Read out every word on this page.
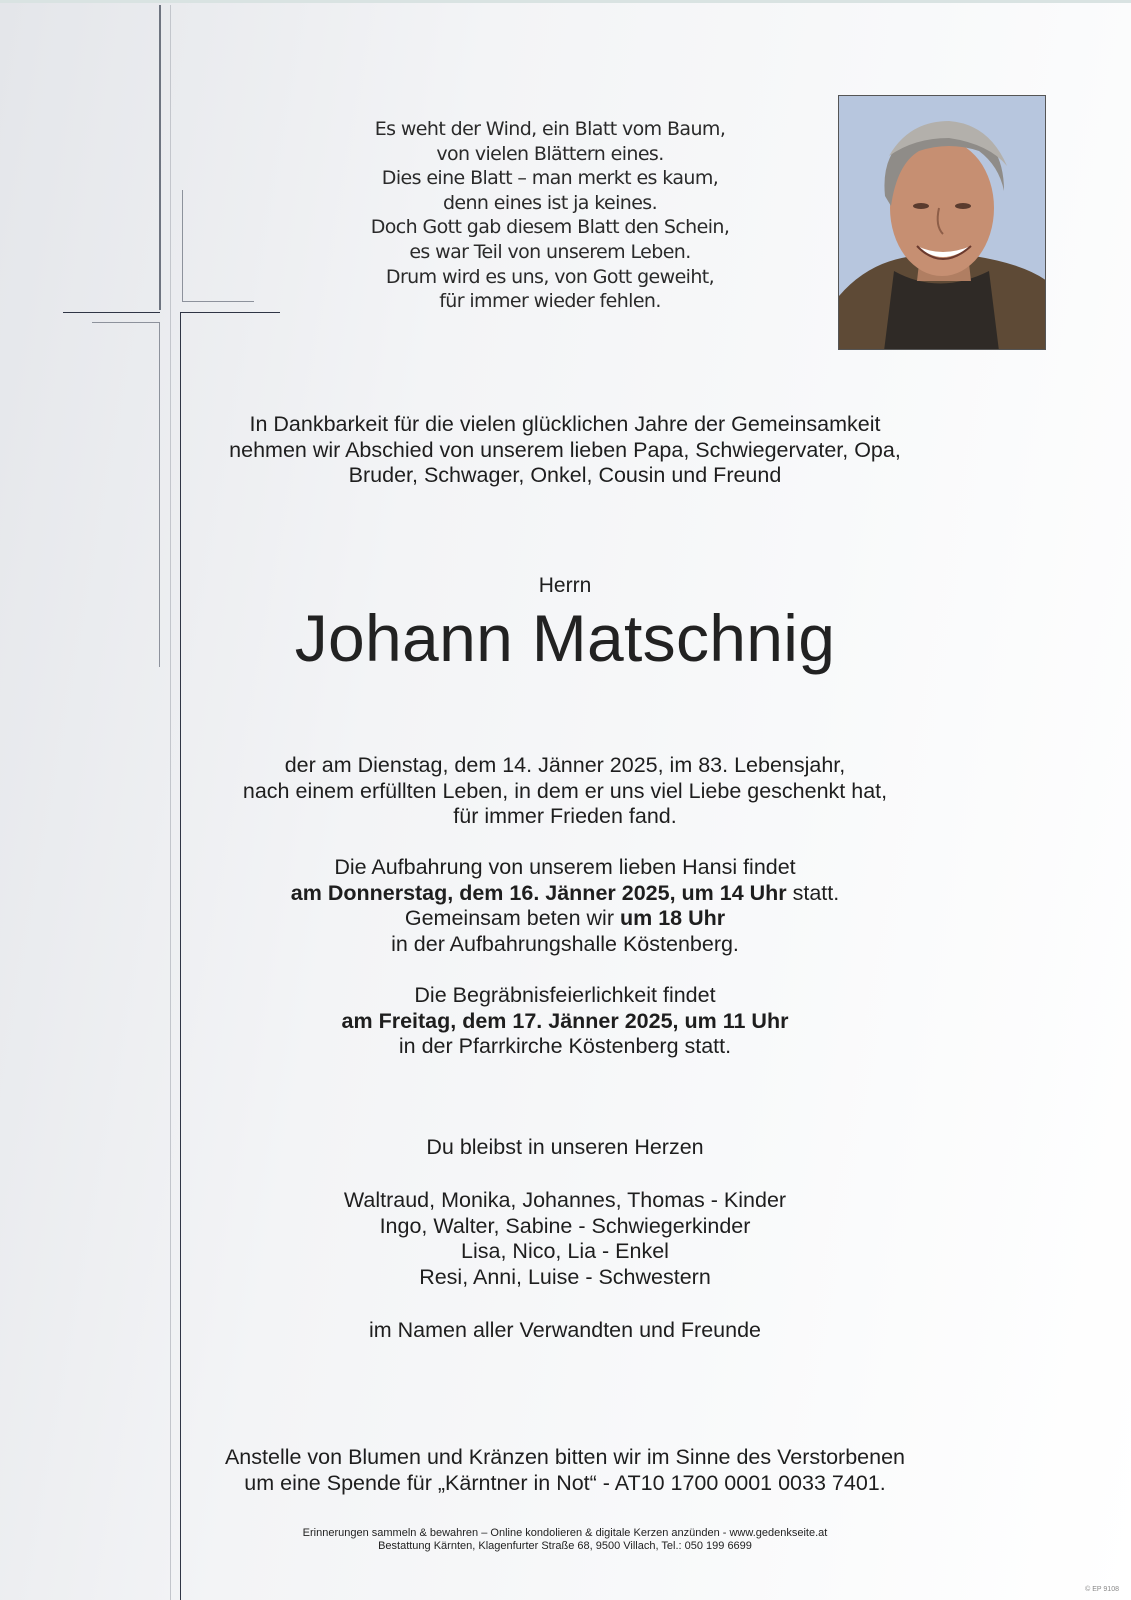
Es weht der Wind, ein Blatt vom Baum,
von vielen Blättern eines.
Dies eine Blatt – man merkt es kaum,
denn eines ist ja keines.
Doch Gott gab diesem Blatt den Schein,
es war Teil von unserem Leben.
Drum wird es uns, von Gott geweiht,
für immer wieder fehlen.
In Dankbarkeit für die vielen glücklichen Jahre der Gemeinsamkeit
nehmen wir Abschied von unserem lieben Papa, Schwiegervater, Opa,
Bruder, Schwager, Onkel, Cousin und Freund
Herrn
Johann Matschnig
der am Dienstag, dem 14. Jänner 2025, im 83. Lebensjahr,
nach einem erfüllten Leben, in dem er uns viel Liebe geschenkt hat,
für immer Frieden fand.
Die Aufbahrung von unserem lieben Hansi findet
am Donnerstag, dem 16. Jänner 2025, um 14 Uhr statt.
Gemeinsam beten wir um 18 Uhr
in der Aufbahrungshalle Köstenberg.
Die Begräbnisfeierlichkeit findet
am Freitag, dem 17. Jänner 2025, um 11 Uhr
in der Pfarrkirche Köstenberg statt.
Du bleibst in unseren Herzen
Waltraud, Monika, Johannes, Thomas - Kinder
Ingo, Walter, Sabine - Schwiegerkinder
Lisa, Nico, Lia - Enkel
Resi, Anni, Luise - Schwestern
im Namen aller Verwandten und Freunde
Anstelle von Blumen und Kränzen bitten wir im Sinne des Verstorbenen
um eine Spende für „Kärntner in Not“ - AT10 1700 0001 0033 7401.
Erinnerungen sammeln & bewahren – Online kondolieren & digitale Kerzen anzünden - www.gedenkseite.at
Bestattung Kärnten, Klagenfurter Straße 68, 9500 Villach, Tel.: 050 199 6699
© EP 9108
